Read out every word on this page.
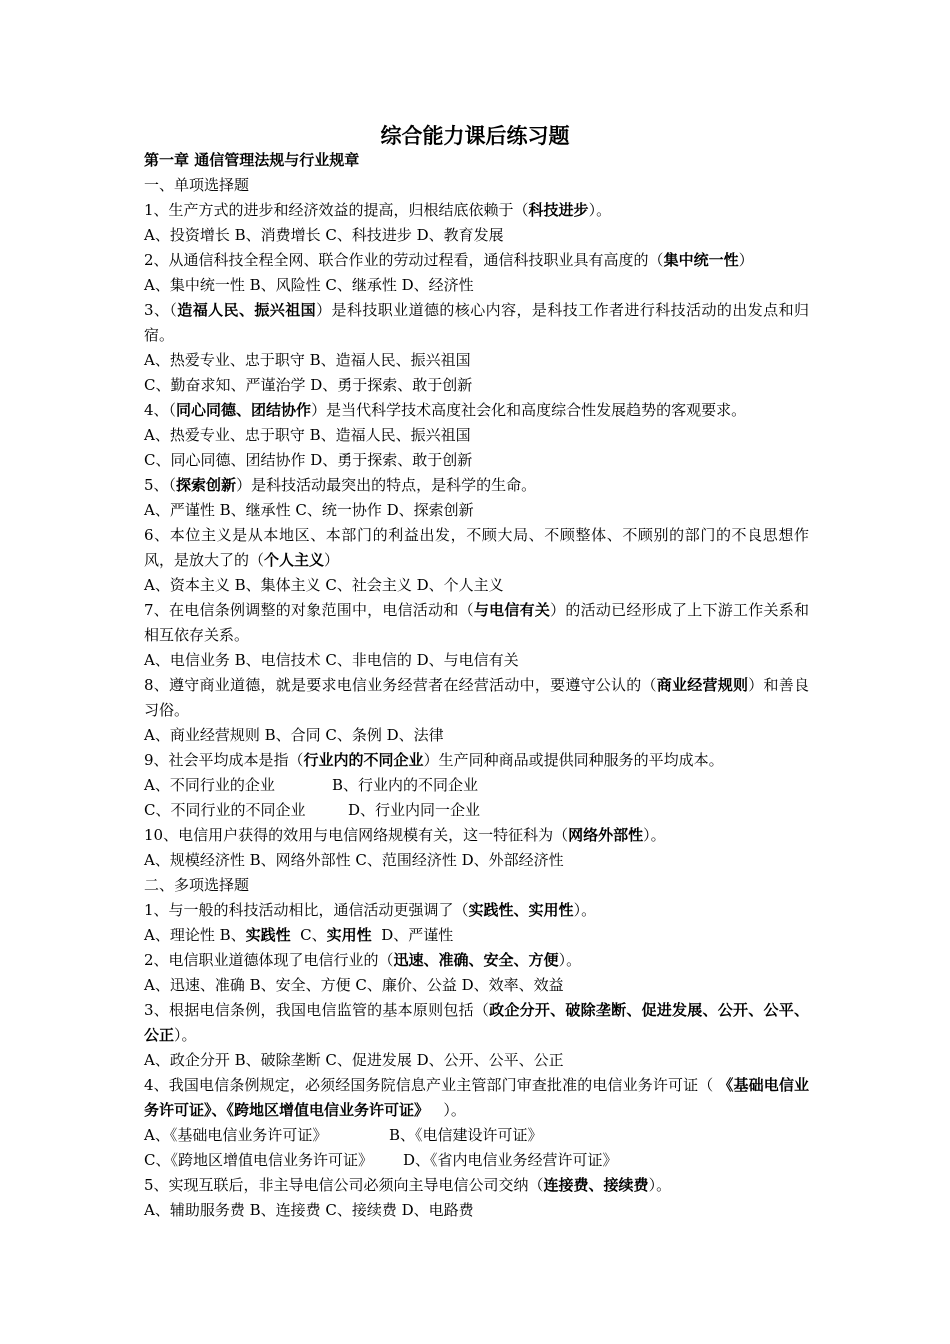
综合能力课后练习题
第一章 通信管理法规与行业规章
一、单项选择题
1、生产方式的进步和经济效益的提高，归根结底依赖于（科技进步）。
A、投资增长 B、消费增长 C、科技进步 D、教育发展
2、从通信科技全程全网、联合作业的劳动过程看，通信科技职业具有高度的（集中统一性）
A、集中统一性 B、风险性 C、继承性 D、经济性
3、（造福人民、振兴祖国）是科技职业道德的核心内容，是科技工作者进行科技活动的出发点和归宿。
A、热爱专业、忠于职守 B、造福人民、振兴祖国
C、勤奋求知、严谨治学 D、勇于探索、敢于创新
4、（同心同德、团结协作）是当代科学技术高度社会化和高度综合性发展趋势的客观要求。
A、热爱专业、忠于职守 B、造福人民、振兴祖国
C、同心同德、团结协作 D、勇于探索、敢于创新
5、（探索创新）是科技活动最突出的特点，是科学的生命。
A、严谨性 B、继承性 C、统一协作 D、探索创新
6、本位主义是从本地区、本部门的利益出发，不顾大局、不顾整体、不顾别的部门的不良思想作风，是放大了的（个人主义）
A、资本主义 B、集体主义 C、社会主义 D、个人主义
7、在电信条例调整的对象范围中，电信活动和（与电信有关）的活动已经形成了上下游工作关系和相互依存关系。
A、电信业务 B、电信技术 C、非电信的 D、与电信有关
8、遵守商业道德，就是要求电信业务经营者在经营活动中，要遵守公认的（商业经营规则）和善良习俗。
A、商业经营规则 B、合同 C、条例 D、法律
9、社会平均成本是指（行业内的不同企业）生产同种商品或提供同种服务的平均成本。
A、不同行业的企业	B、行业内的不同企业
C、不同行业的不同企业	D、行业内同一企业
10、电信用户获得的效用与电信网络规模有关，这一特征科为（网络外部性）。
A、规模经济性 B、网络外部性 C、范围经济性 D、外部经济性
二、多项选择题
1、与一般的科技活动相比，通信活动更强调了（实践性、实用性）。
A、理论性 B、实践性  C、实用性  D、严谨性
2、电信职业道德体现了电信行业的（迅速、准确、安全、方便）。
A、迅速、准确 B、安全、方便 C、廉价、公益 D、效率、效益
3、根据电信条例，我国电信监管的基本原则包括（政企分开、破除垄断、促进发展、公开、公平、公正）。
A、政企分开 B、破除垄断 C、促进发展 D、公开、公平、公正
4、我国电信条例规定，必须经国务院信息产业主管部门审查批准的电信业务许可证（ 《基础电信业务许可证》、《跨地区增值电信业务许可证》   ）。
A、《基础电信业务许可证》	B、《电信建设许可证》
C、《跨地区增值电信业务许可证》 D、《省内电信业务经营许可证》
5、实现互联后，非主导电信公司必须向主导电信公司交纳（连接费、接续费）。
A、辅助服务费 B、连接费 C、接续费 D、电路费
